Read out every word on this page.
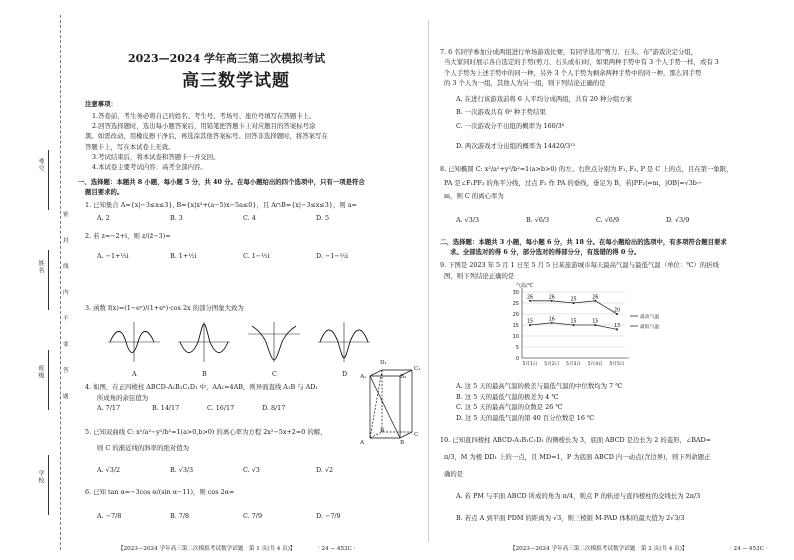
考号
姓名
班级
学校
密
封
线
内
不
要
答
题
2023—2024 学年高三第二次模拟考试
高三数学试题
注意事项：
1.答卷前，考生务必将自己的姓名、考生号、考场号、座位号填写在答题卡上。
2.回答选择题时，选出每小题答案后，用铅笔把答题卡上对应题目的答案标号涂
黑。如需改动，用橡皮擦干净后，再选涂其他答案标号。回答非选择题时，将答案写在
答题卡上，写在本试卷上无效。
3.考试结束后，将本试卷和答题卡一并交回。
4.本试卷主要考试内容：高考全部内容。
一、选择题：本题共 8 小题，每小题 5 分，共 40 分。在每小题给出的四个选项中，只有一项是符合
题目要求的。
1. 已知集合 A={x|−3≤x≤3}, B={x|x²+(a−5)x−5a≤0}，且 A∩B={x|−3≤x≤3}，则 a=
A. 2	B. 3	C. 4	D. 5
2. 若 z=−2+i，则 z/(z̄−3)=
A. −1+½i	B. 1+½i	C. 1−½i	D. −1−½i
3. 函数 f(x)=(1−eˣ)/(1+eˣ)·cos 2x 的部分图象大致为
4. 如图，在正四棱柱 ABCD-A₁B₁C₁D₁ 中，AA₁=4AB，则异面直线 A₁B 与 AD₁
所成角的余弦值为
A. 7/17	B. 14/17	C. 16/17	D. 8/17
5. 已知双曲线 C: x²/a²−y²/b²=1(a>0,b>0) 的离心率为方程 2x²−5x+2=0 的解，
则 C 的渐近线的斜率的绝对值为
A. √3/2	B. √3/3	C. √3	D. √2
6. 已知 tan α=−3cos α/(sin α−11)，则 cos 2α=
A. −7/8	B. 7/8	C. 7/9	D. −7/9
A	B	C	D
D₁
C₁
A₁	B₁
D
C
A	B
7. 6 名同学参加分成两组进行单场游戏比赛，有同学选用“剪刀、石头、布”游戏决定分组，
当大家同时展示各自选定的手势(剪刀、石头或布)时，如果两种手势中有 3 个人手势一样，或有 3
个人手势为上述手势中的同一种，另外 3 个人手势为剩余两种手势中的同一种，那么同手势
的 3 个人为一组，其他人为另一组，则下列结论正确的是
A. 在进行该游戏前将 6 人平均分成两组，共有 20 种分组方案
B. 一次游戏共有 6⁶ 种手势结果
C. 一次游戏分不出组的概率为 160/3⁶
D. 两次游戏才分出组的概率为 14420/3¹²
8. 已知椭圆 C: x²/a²+y²/b²=1(a>b>0) 的左、右焦点分别为 F₁, F₂, P 是 C 上的点，且在第一象限，
PA 是∠F₁PF₂ 的角平分线，过点 F₂ 作 PA 的垂线，垂足为 B，若|PF₂|=m，|OB|=√3b−
m，则 C 的离心率为
A. √3/3	B. √6/3	C. √6/9	D. √3/9
二、选择题：本题共 3 小题，每小题 6 分，共 18 分。在每小题给出的选项中，有多项符合题目要求
求。全部选对的得 6 分，部分选对的得部分分，有选错的得 0 分。
9. 下图是 2023 年 5 月 1 日至 5 月 5 日某旅游城市每天最高气温与最低气温（单位：℃）的折线
图，则下列结论正确的是
A. 这 5 天的最高气温的极差与最低气温的中位数均为 7 ℃
B. 这 5 天的最低气温的极差为 4 ℃
C. 这 5 天的最高气温的众数是 26 ℃
D. 这 5 天的最低气温的第 40 百分位数是 16 ℃
10. 已知直四棱柱 ABCD-A₁B₁C₁D₁ 的侧棱长为 3，底面 ABCD 是边长为 2 的菱形，∠BAD=
π/3，M 为棱 DD₁ 上的一点，且 MD=1，P 为底面 ABCD 内一动点(含边界)，则下列命题正
确的是
A. 若 PM 与平面 ABCD 所成的角为 π/4，则点 P 的轨迹与直四棱柱的交线长为 2π/3
B. 若点 A 到平面 PDM 的距离为 √3，则三棱锥 M-PAD 体积的最大值为 2√3/3
0
5
10
15
20
25
30
气温/℃
5月1日 5月2日 5月3日 5月4日 5月5日
26	26	25	26
20
最高气温
15	16	15	15
13	最低气温
【2023—2024 学年高三第二次模拟考试数学试题　第 1 页(共 4 页)】	· 24 − 453C ·	【2023—2024 学年高三第二次模拟考试数学试题　第 2 页(共 4 页)】	· 24 − 453C ·
